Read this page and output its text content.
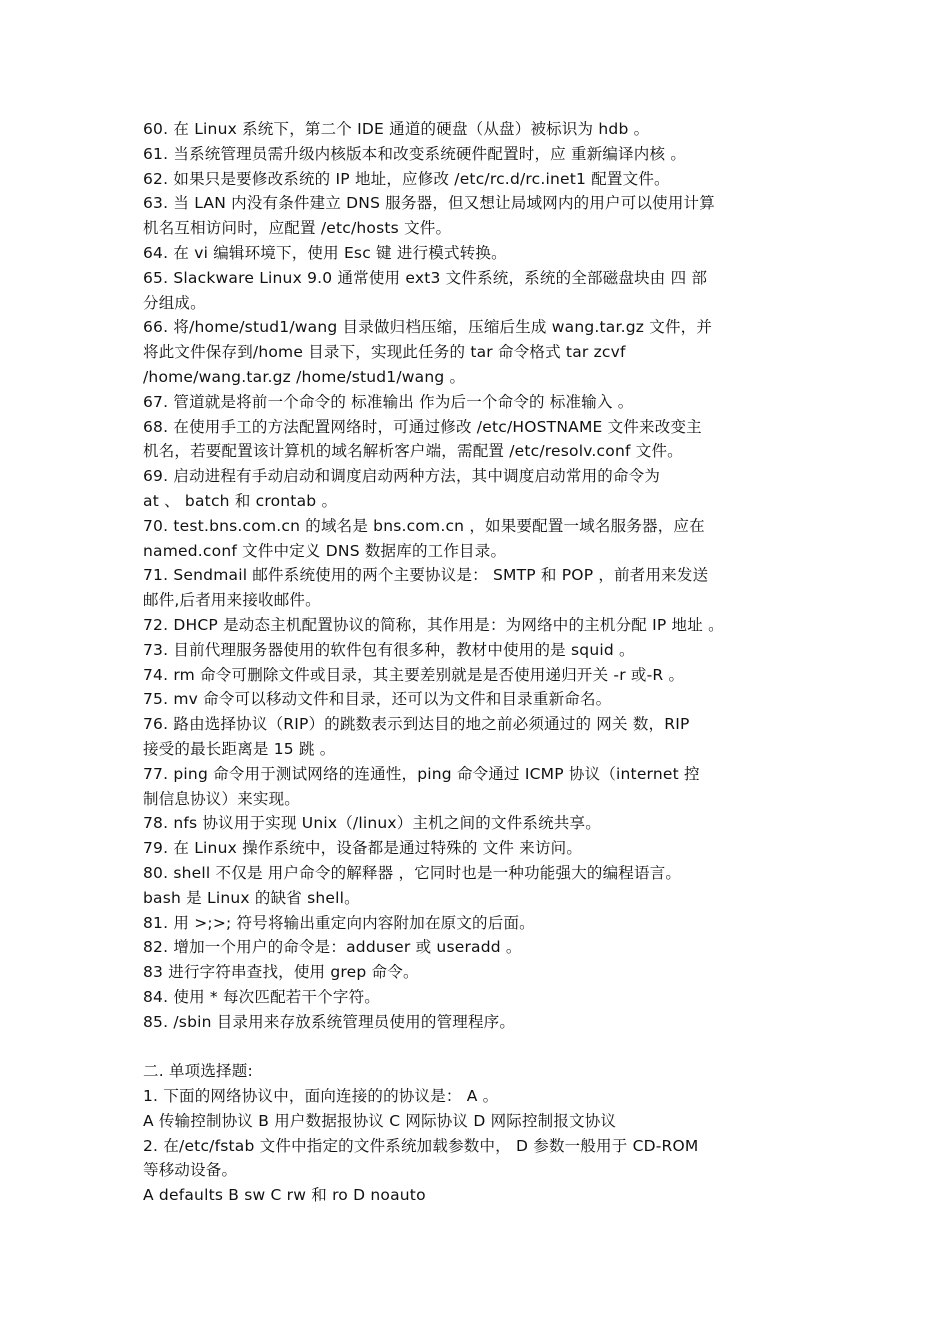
60. 在 Linux 系统下，第二个 IDE 通道的硬盘（从盘）被标识为 hdb 。
61. 当系统管理员需升级内核版本和改变系统硬件配置时，应 重新编译内核 。
62. 如果只是要修改系统的 IP 地址，应修改 /etc/rc.d/rc.inet1 配置文件。
63. 当 LAN 内没有条件建立 DNS 服务器，但又想让局域网内的用户可以使用计算
机名互相访问时，应配置 /etc/hosts 文件。
64. 在 vi 编辑环境下，使用 Esc 键 进行模式转换。
65. Slackware Linux 9.0 通常使用 ext3 文件系统，系统的全部磁盘块由 四 部
分组成。
66. 将/home/stud1/wang 目录做归档压缩，压缩后生成 wang.tar.gz 文件，并
将此文件保存到/home 目录下，实现此任务的 tar 命令格式 tar zcvf
/home/wang.tar.gz /home/stud1/wang 。
67. 管道就是将前一个命令的 标准输出 作为后一个命令的 标准输入 。
68. 在使用手工的方法配置网络时，可通过修改 /etc/HOSTNAME 文件来改变主
机名，若要配置该计算机的域名解析客户端，需配置 /etc/resolv.conf 文件。
69. 启动进程有手动启动和调度启动两种方法，其中调度启动常用的命令为
at 、 batch 和 crontab 。
70. test.bns.com.cn 的域名是 bns.com.cn ，如果要配置一域名服务器，应在
named.conf 文件中定义 DNS 数据库的工作目录。
71. Sendmail 邮件系统使用的两个主要协议是： SMTP 和 POP ，前者用来发送
邮件,后者用来接收邮件。
72. DHCP 是动态主机配置协议的简称，其作用是：为网络中的主机分配 IP 地址 。
73. 目前代理服务器使用的软件包有很多种，教材中使用的是 squid 。
74. rm 命令可删除文件或目录，其主要差别就是是否使用递归开关 -r 或-R 。
75. mv 命令可以移动文件和目录，还可以为文件和目录重新命名。
76. 路由选择协议（RIP）的跳数表示到达目的地之前必须通过的 网关 数，RIP
接受的最长距离是 15 跳 。
77. ping 命令用于测试网络的连通性，ping 命令通过 ICMP 协议（internet 控
制信息协议）来实现。
78. nfs 协议用于实现 Unix（/linux）主机之间的文件系统共享。
79. 在 Linux 操作系统中，设备都是通过特殊的 文件 来访问。
80. shell 不仅是 用户命令的解释器 ，它同时也是一种功能强大的编程语言。
bash 是 Linux 的缺省 shell。
81. 用 >;>; 符号将输出重定向内容附加在原文的后面。
82. 增加一个用户的命令是：adduser 或 useradd 。
83 进行字符串查找，使用 grep 命令。
84. 使用 * 每次匹配若干个字符。
85. /sbin 目录用来存放系统管理员使用的管理程序。
二. 单项选择题:
1. 下面的网络协议中，面向连接的的协议是： A 。
A 传输控制协议 B 用户数据报协议 C 网际协议 D 网际控制报文协议
2. 在/etc/fstab 文件中指定的文件系统加载参数中， D 参数一般用于 CD-ROM
等移动设备。
A defaults B sw C rw 和 ro D noauto
